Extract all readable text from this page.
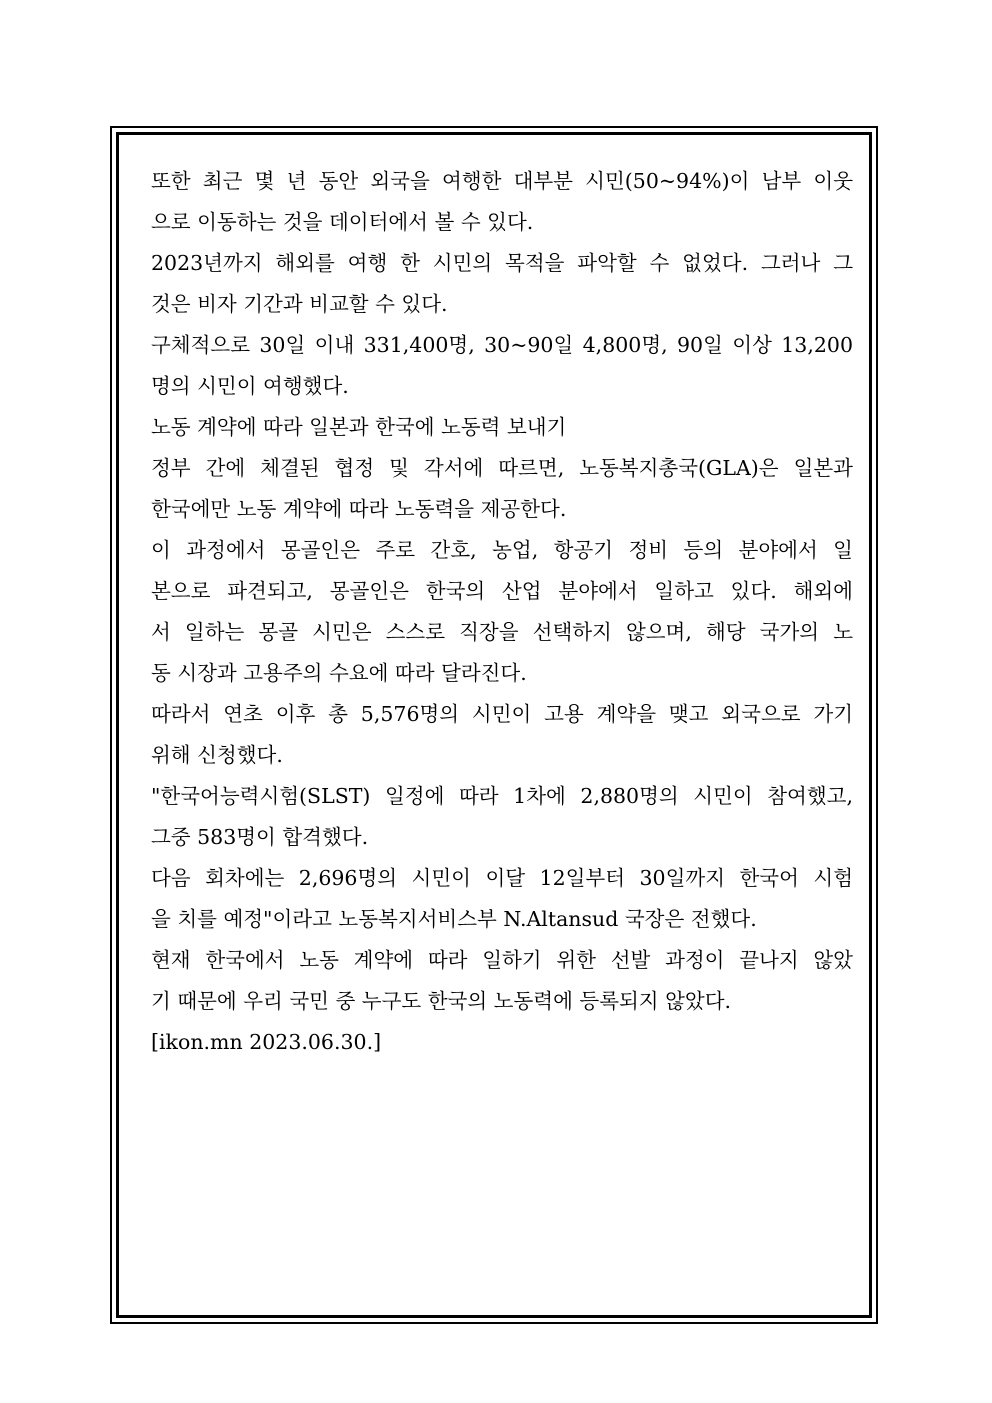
또한 최근 몇 년 동안 외국을 여행한 대부분 시민(50~94%)이 남부 이웃
으로 이동하는 것을 데이터에서 볼 수 있다.
2023년까지 해외를 여행 한 시민의 목적을 파악할 수 없었다. 그러나 그
것은 비자 기간과 비교할 수 있다.
구체적으로 30일 이내 331,400명, 30~90일 4,800명, 90일 이상 13,200
명의 시민이 여행했다.
노동 계약에 따라 일본과 한국에 노동력 보내기
정부 간에 체결된 협정 및 각서에 따르면, 노동복지총국(GLA)은 일본과
한국에만 노동 계약에 따라 노동력을 제공한다.
이 과정에서 몽골인은 주로 간호, 농업, 항공기 정비 등의 분야에서 일
본으로 파견되고, 몽골인은 한국의 산업 분야에서 일하고 있다. 해외에
서 일하는 몽골 시민은 스스로 직장을 선택하지 않으며, 해당 국가의 노
동 시장과 고용주의 수요에 따라 달라진다.
따라서 연초 이후 총 5,576명의 시민이 고용 계약을 맺고 외국으로 가기
위해 신청했다.
"한국어능력시험(SLST) 일정에 따라 1차에 2,880명의 시민이 참여했고,
그중 583명이 합격했다.
다음 회차에는 2,696명의 시민이 이달 12일부터 30일까지 한국어 시험
을 치를 예정"이라고 노동복지서비스부 N.Altansud 국장은 전했다.
현재 한국에서 노동 계약에 따라 일하기 위한 선발 과정이 끝나지 않았
기 때문에 우리 국민 중 누구도 한국의 노동력에 등록되지 않았다.
[ikon.mn 2023.06.30.]
